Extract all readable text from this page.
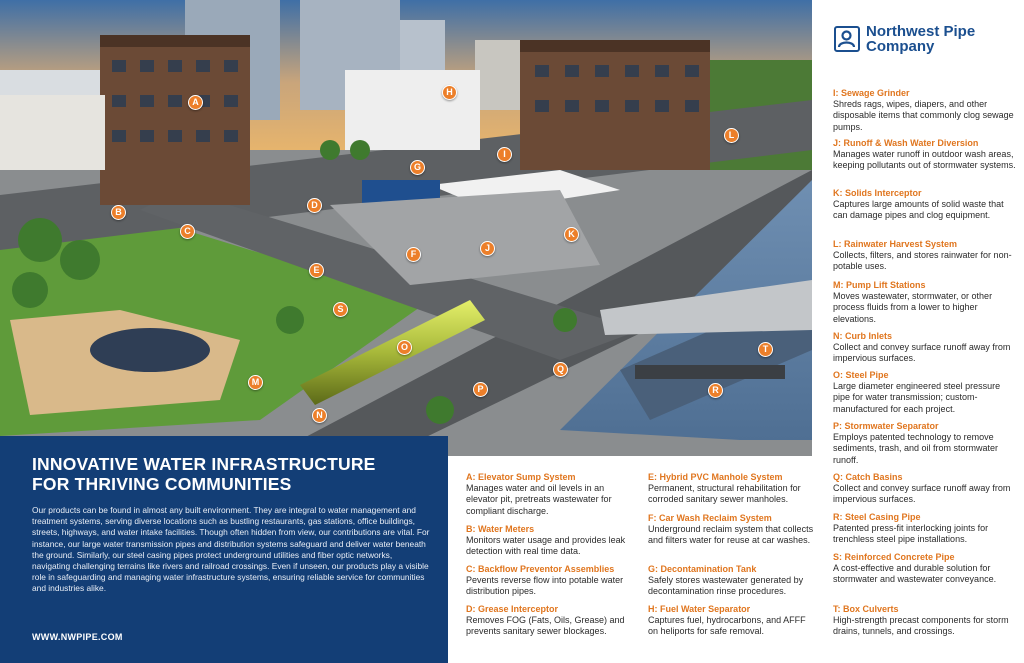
A
B
C
D
E
F
G
H
I
J
K
L
M
N
O
P
Q
R
S
T
Northwest Pipe
Company
I: Sewage Grinder
Shreds rags, wipes, diapers, and other disposable items that commonly clog sewage pumps.
J: Runoff & Wash Water Diversion
Manages water runoff in outdoor wash areas, keeping pollutants out of stormwater systems.
K: Solids Interceptor
Captures large amounts of solid waste that can damage pipes and clog equipment.
L: Rainwater Harvest System
Collects, filters, and stores rainwater for non-potable uses.
M: Pump Lift Stations
Moves wastewater, stormwater, or other process fluids from a lower to higher elevations.
N: Curb Inlets
Collect and convey surface runoff away from impervious surfaces.
O: Steel Pipe
Large diameter engineered steel pressure pipe for water transmission; custom-manufactured for each project.
P: Stormwater Separator
Employs patented technology to remove sediments, trash, and oil from stormwater runoff.
Q: Catch Basins
Collect and convey surface runoff away from impervious surfaces.
R: Steel Casing Pipe
Patented press-fit interlocking joints for trenchless steel pipe installations.
S: Reinforced Concrete Pipe
A cost-effective and durable solution for stormwater and wastewater conveyance.
T: Box Culverts
High-strength precast components for storm drains, tunnels, and crossings.
INNOVATIVE WATER INFRASTRUCTURE
FOR THRIVING COMMUNITIES
Our products can be found in almost any built environment. They are integral to water management and treatment systems, serving diverse locations such as bustling restaurants, gas stations, office buildings, streets, highways, and water intake facilities. Though often hidden from view, our contributions are vital. For instance, our large water transmission pipes and distribution systems safeguard and deliver water beneath the ground. Similarly, our steel casing pipes protect underground utilities and fiber optic networks, navigating challenging terrains like rivers and railroad crossings. Even if unseen, our products play a visible role in safeguarding and managing water infrastructure systems, ensuring reliable service for communities and industries alike.
WWW.NWPIPE.COM
A: Elevator Sump System
Manages water and oil levels in an elevator pit, pretreats wastewater for compliant discharge.
B: Water Meters
Monitors water usage and provides leak detection with real time data.
C: Backflow Preventor Assemblies
Pevents reverse flow into potable water distribution pipes.
D: Grease Interceptor
Removes FOG (Fats, Oils, Grease) and prevents sanitary sewer blockages.
E: Hybrid PVC Manhole System
Permanent, structural rehabilitation for corroded sanitary sewer manholes.
F: Car Wash Reclaim System
Underground reclaim system that collects and filters water for reuse at car washes.
G: Decontamination Tank
Safely stores wastewater generated by decontamination rinse procedures.
H: Fuel Water Separator
Captures fuel, hydrocarbons, and AFFF on heliports for safe removal.
